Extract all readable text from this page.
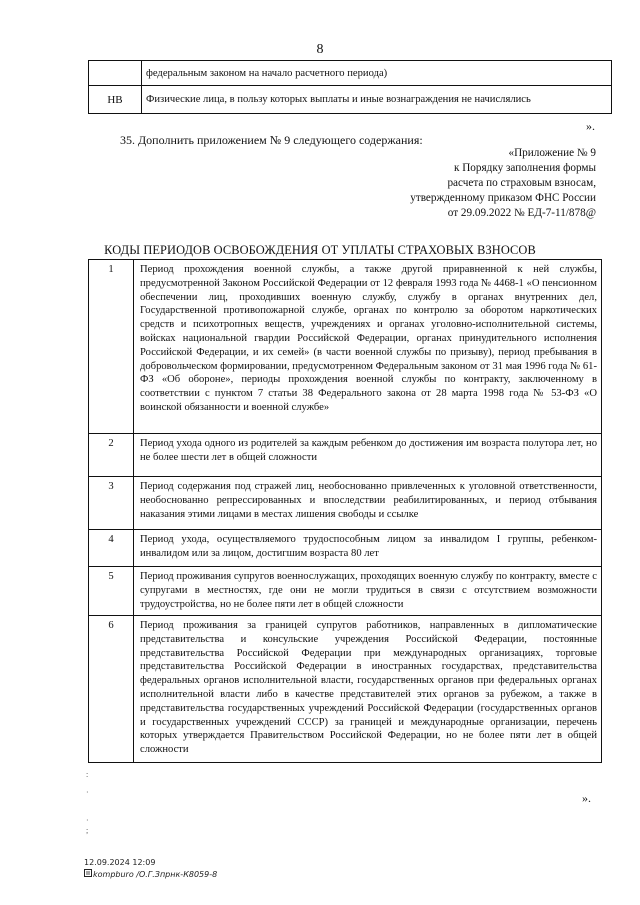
8
	федеральным законом на начало расчетного периода)
НВ	Физические лица, в пользу которых выплаты и иные вознаграждения не начислялись
».
35. Дополнить приложением № 9 следующего содержания:
«Приложение № 9
к Порядку заполнения формы
расчета по страховым взносам,
утвержденному приказом ФНС России
от 29.09.2022 № ЕД-7-11/878@
КОДЫ ПЕРИОДОВ ОСВОБОЖДЕНИЯ ОТ УПЛАТЫ СТРАХОВЫХ ВЗНОСОВ
1	Период прохождения военной службы, а также другой приравненной к ней службы, предусмотренной Законом Российской Федерации от 12 февраля 1993 года № 4468-1 «О пенсионном обеспечении лиц, проходивших военную службу, службу в органах внутренних дел, Государственной противопожарной службе, органах по контролю за оборотом наркотических средств и психотропных веществ, учреждениях и органах уголовно-исполнительной системы, войсках национальной гвардии Российской Федерации, органах принудительного исполнения Российской Федерации, и их семей» (в части военной службы по призыву), период пребывания в добровольческом формировании, предусмотренном Федеральным законом от 31 мая 1996 года № 61-ФЗ «Об обороне», периоды прохождения военной службы по контракту, заключенному в соответствии с пунктом 7 статьи 38 Федерального закона от 28 марта 1998 года № 53-ФЗ «О воинской обязанности и военной службе»
2	Период ухода одного из родителей за каждым ребенком до достижения им возраста полутора лет, но не более шести лет в общей сложности
3	Период содержания под стражей лиц, необоснованно привлеченных к уголовной ответственности, необоснованно репрессированных и впоследствии реабилитированных, и период отбывания наказания этими лицами в местах лишения свободы и ссылке
4	Период ухода, осуществляемого трудоспособным лицом за инвалидом I группы, ребенком-инвалидом или за лицом, достигшим возраста 80 лет
5	Период проживания супругов военнослужащих, проходящих военную службу по контракту, вместе с супругами в местностях, где они не могли трудиться в связи с отсутствием возможности трудоустройства, но не более пяти лет в общей сложности
6	Период проживания за границей супругов работников, направленных в дипломатические представительства и консульские учреждения Российской Федерации, постоянные представительства Российской Федерации при международных организациях, торговые представительства Российской Федерации в иностранных государствах, представительства федеральных органов исполнительной власти, государственных органов при федеральных органах исполнительной власти либо в качестве представителей этих органов за рубежом, а также в представительства государственных учреждений Российской Федерации (государственных органов и государственных учреждений СССР) за границей и международные организации, перечень которых утверждается Правительством Российской Федерации, но не более пяти лет в общей сложности
».
:
·
·
;
12.09.2024 12:09
kompburo /О.Г.Зпрнк-К8059-8
